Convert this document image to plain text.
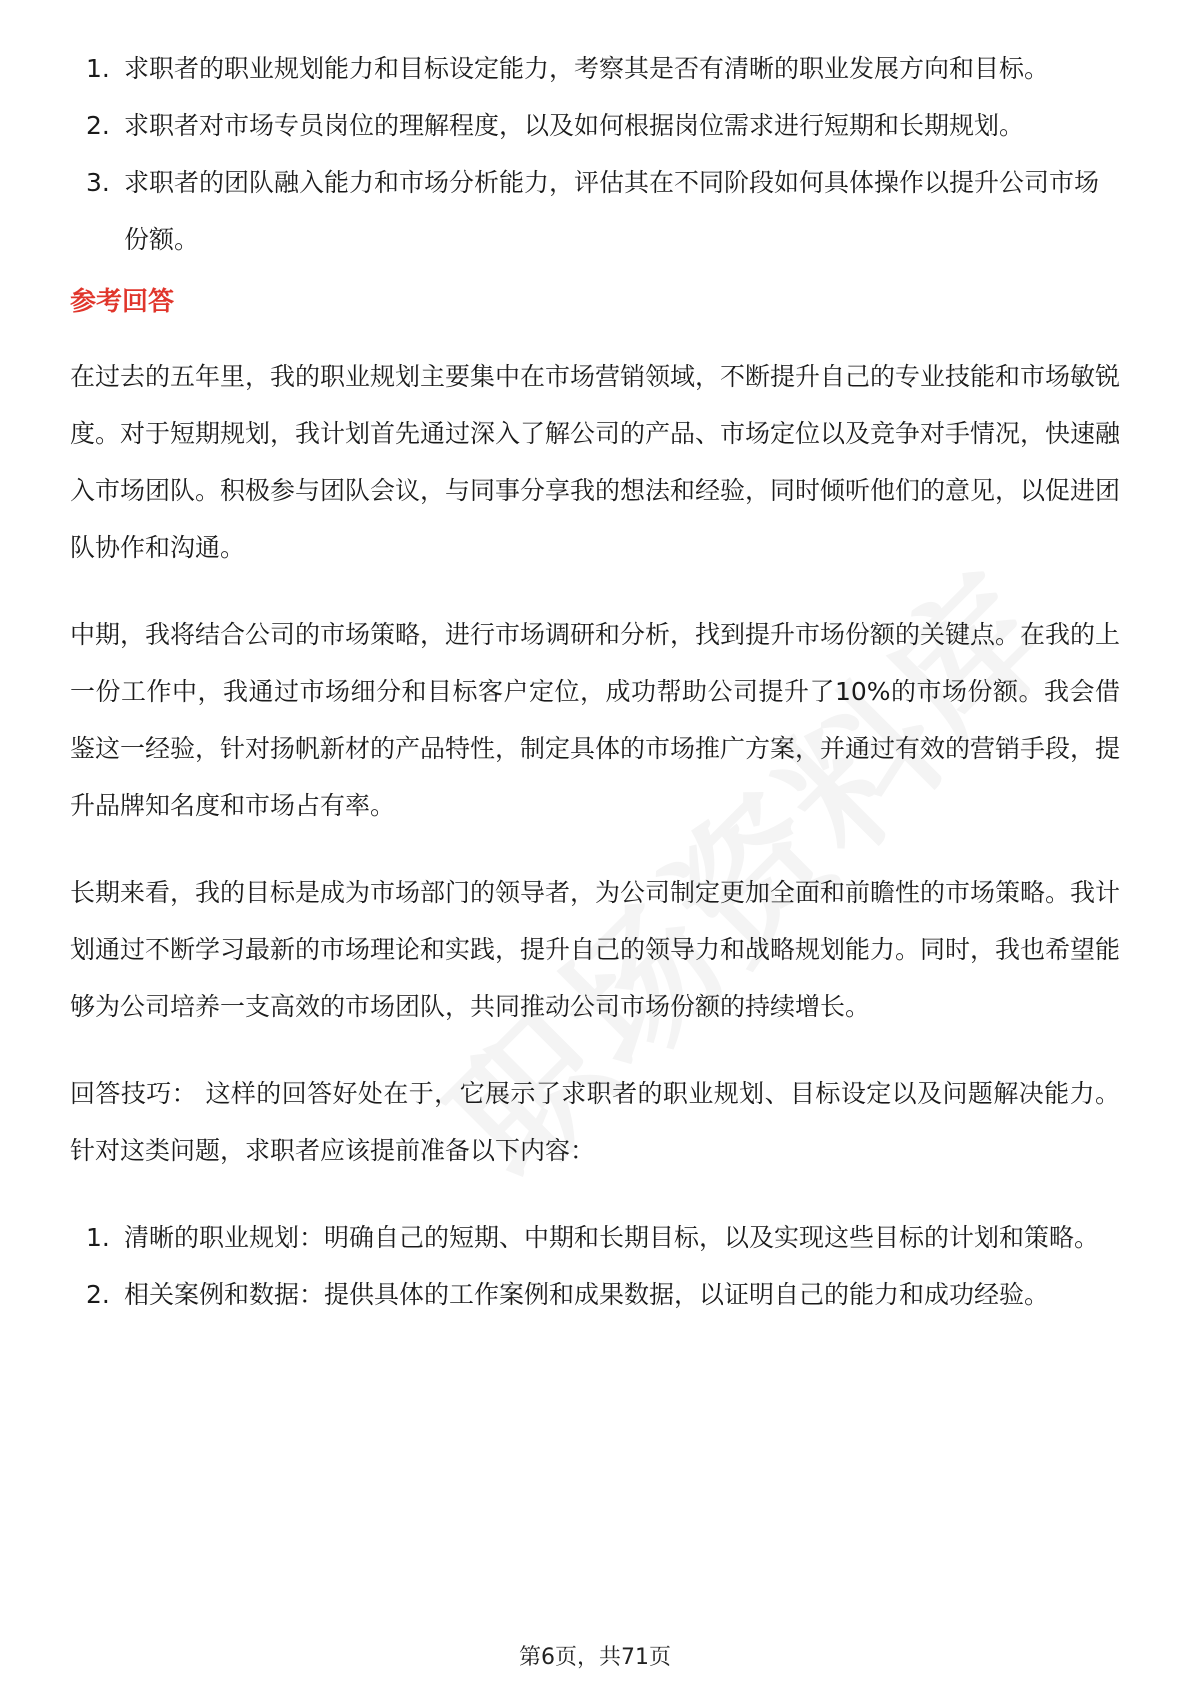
1. 求职者的职业规划能力和目标设定能力，考察其是否有清晰的职业发展方向和目标。
2. 求职者对市场专员岗位的理解程度，以及如何根据岗位需求进行短期和长期规划。
3. 求职者的团队融入能力和市场分析能力，评估其在不同阶段如何具体操作以提升公司市场份额。
参考回答

在过去的五年里，我的职业规划主要集中在市场营销领域，不断提升自己的专业技能和市场敏锐度。对于短期规划，我计划首先通过深入了解公司的产品、市场定位以及竞争对手情况，快速融入市场团队。积极参与团队会议，与同事分享我的想法和经验，同时倾听他们的意见，以促进团队协作和沟通。

中期，我将结合公司的市场策略，进行市场调研和分析，找到提升市场份额的关键点。在我的上一份工作中，我通过市场细分和目标客户定位，成功帮助公司提升了10%的市场份额。我会借鉴这一经验，针对扬帆新材的产品特性，制定具体的市场推广方案，并通过有效的营销手段，提升品牌知名度和市场占有率。

长期来看，我的目标是成为市场部门的领导者，为公司制定更加全面和前瞻性的市场策略。我计划通过不断学习最新的市场理论和实践，提升自己的领导力和战略规划能力。同时，我也希望能够为公司培养一支高效的市场团队，共同推动公司市场份额的持续增长。

回答技巧： 这样的回答好处在于，它展示了求职者的职业规划、目标设定以及问题解决能力。针对这类问题，求职者应该提前准备以下内容：

1. 清晰的职业规划：明确自己的短期、中期和长期目标，以及实现这些目标的计划和策略。
2. 相关案例和数据：提供具体的工作案例和成果数据，以证明自己的能力和成功经验。
第6页，共71页
